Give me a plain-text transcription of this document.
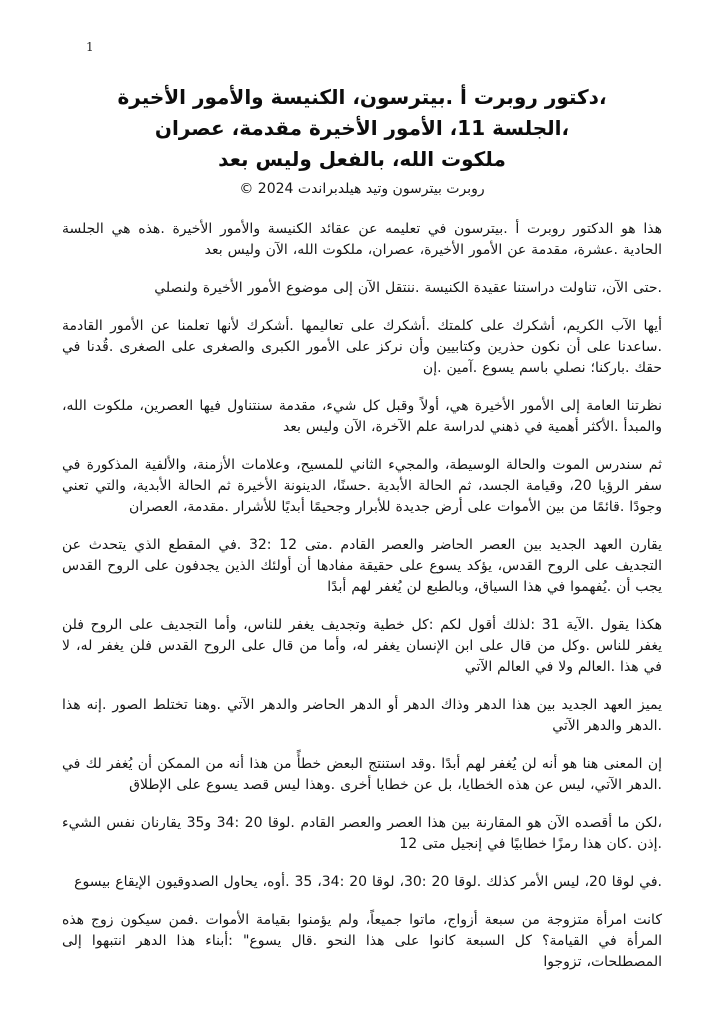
1
،دكتور روبرت أ .بيترسون، الكنيسة والأمور الأخيرة
،الجلسة 11، الأمور الأخيرة مقدمة، عصران
ملكوت الله، بالفعل وليس بعد
روبرت بيترسون وتيد هيلدبراندت 2024 ©

هذا هو الدكتور روبرت أ .بيترسون في تعليمه عن عقائد الكنيسة والأمور الأخيرة .هذه هي الجلسة الحادية .عشرة، مقدمة عن الأمور الأخيرة، عصران، ملكوت الله، الآن وليس بعد

.حتى الآن، تناولت دراستنا عقيدة الكنيسة .ننتقل الآن إلى موضوع الأمور الأخيرة ولنصلي

أيها الآب الكريم، أشكرك على كلمتك .أشكرك على تعاليمها .أشكرك لأنها تعلمنا عن الأمور القادمة .ساعدنا على أن نكون حذرين وكتابيين وأن نركز على الأمور الكبرى والصغرى على الصغرى .قُدنا في حقك .باركنا؛ نصلي باسم يسوع .آمين .إن

نظرتنا العامة إلى الأمور الأخيرة هي، أولاً وقبل كل شيء، مقدمة سنتناول فيها العصرين، ملكوت الله، والمبدأ .الأكثر أهمية في ذهني لدراسة علم الآخرة، الآن وليس بعد

ثم سندرس الموت والحالة الوسيطة، والمجيء الثاني للمسيح، وعلامات الأزمنة، والألفية المذكورة في سفر الرؤيا 20، وقيامة الجسد، ثم الحالة الأبدية .حسنًا، الدينونة الأخيرة ثم الحالة الأبدية، والتي تعني وجودًا .قائمًا من بين الأموات على أرض جديدة للأبرار وجحيمًا أبديًا للأشرار .مقدمة، العصران

يقارن العهد الجديد بين العصر الحاضر والعصر القادم .متى 12 :32 .في المقطع الذي يتحدث عن التجديف على الروح القدس، يؤكد يسوع على حقيقة مفادها أن أولئك الذين يجدفون على الروح القدس يجب أن .يُفهموا في هذا السياق، وبالطبع لن يُغفر لهم أبدًا

هكذا يقول .الآية 31 :لذلك أقول لكم :كل خطية وتجديف يغفر للناس، وأما التجديف على الروح فلن يغفر للناس .وكل من قال على ابن الإنسان يغفر له، وأما من قال على الروح القدس فلن يغفر له، لا في هذا .العالم ولا في العالم الآتي

يميز العهد الجديد بين هذا الدهر وذاك الدهر أو الدهر الحاضر والدهر الآتي .وهنا تختلط الصور .إنه هذا .الدهر والدهر الآتي

إن المعنى هنا هو أنه لن يُغفر لهم أبدًا .وقد استنتج البعض خطأً من هذا أنه من الممكن أن يُغفر لك في .الدهر الآتي، ليس عن هذه الخطايا، بل عن خطايا أخرى .وهذا ليس قصد يسوع على الإطلاق

،لكن ما أقصده الآن هو المقارنة بين هذا العصر والعصر القادم .لوقا 20 :34 و35 يقارنان نفس الشيء .إذن .كان هذا رمزًا خطابيًا في إنجيل متى 12

.في لوقا 20، ليس الأمر كذلك .لوقا 20 :30، لوقا 20 :34، 35 .أوه، يحاول الصدوقيون الإيقاع بيسوع

كانت امرأة متزوجة من سبعة أزواج، ماتوا جميعاً، ولم يؤمنوا بقيامة الأموات .فمن سيكون زوج هذه المرأة في القيامة؟ كل السبعة كانوا على هذا النحو .قال يسوع" :أبناء هذا الدهر انتبهوا إلى المصطلحات، تزوجوا
